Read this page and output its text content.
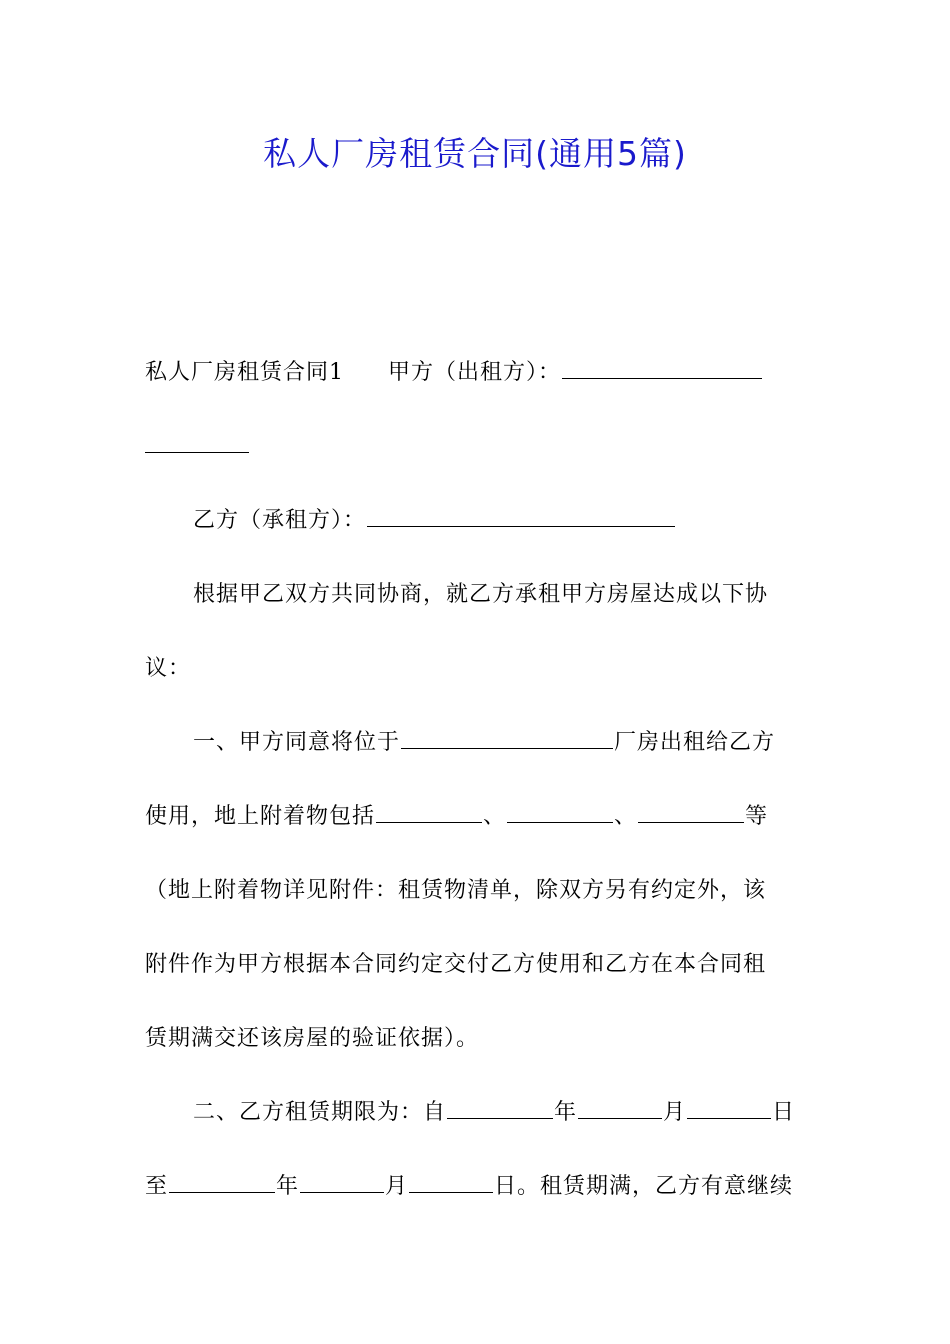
私人厂房租赁合同(通用5篇)
私人厂房租赁合同1 甲方（出租方）：
乙方（承租方）：
根据甲乙双方共同协商，就乙方承租甲方房屋达成以下协
议：
一、甲方同意将位于	厂房出租给乙方
使用，地上附着物包括	、	、	等
（地上附着物详见附件：租赁物清单，除双方另有约定外，该
附件作为甲方根据本合同约定交付乙方使用和乙方在本合同租
赁期满交还该房屋的验证依据）。
二、乙方租赁期限为：自	年	月	日
至	年	月	日。租赁期满，乙方有意继续
